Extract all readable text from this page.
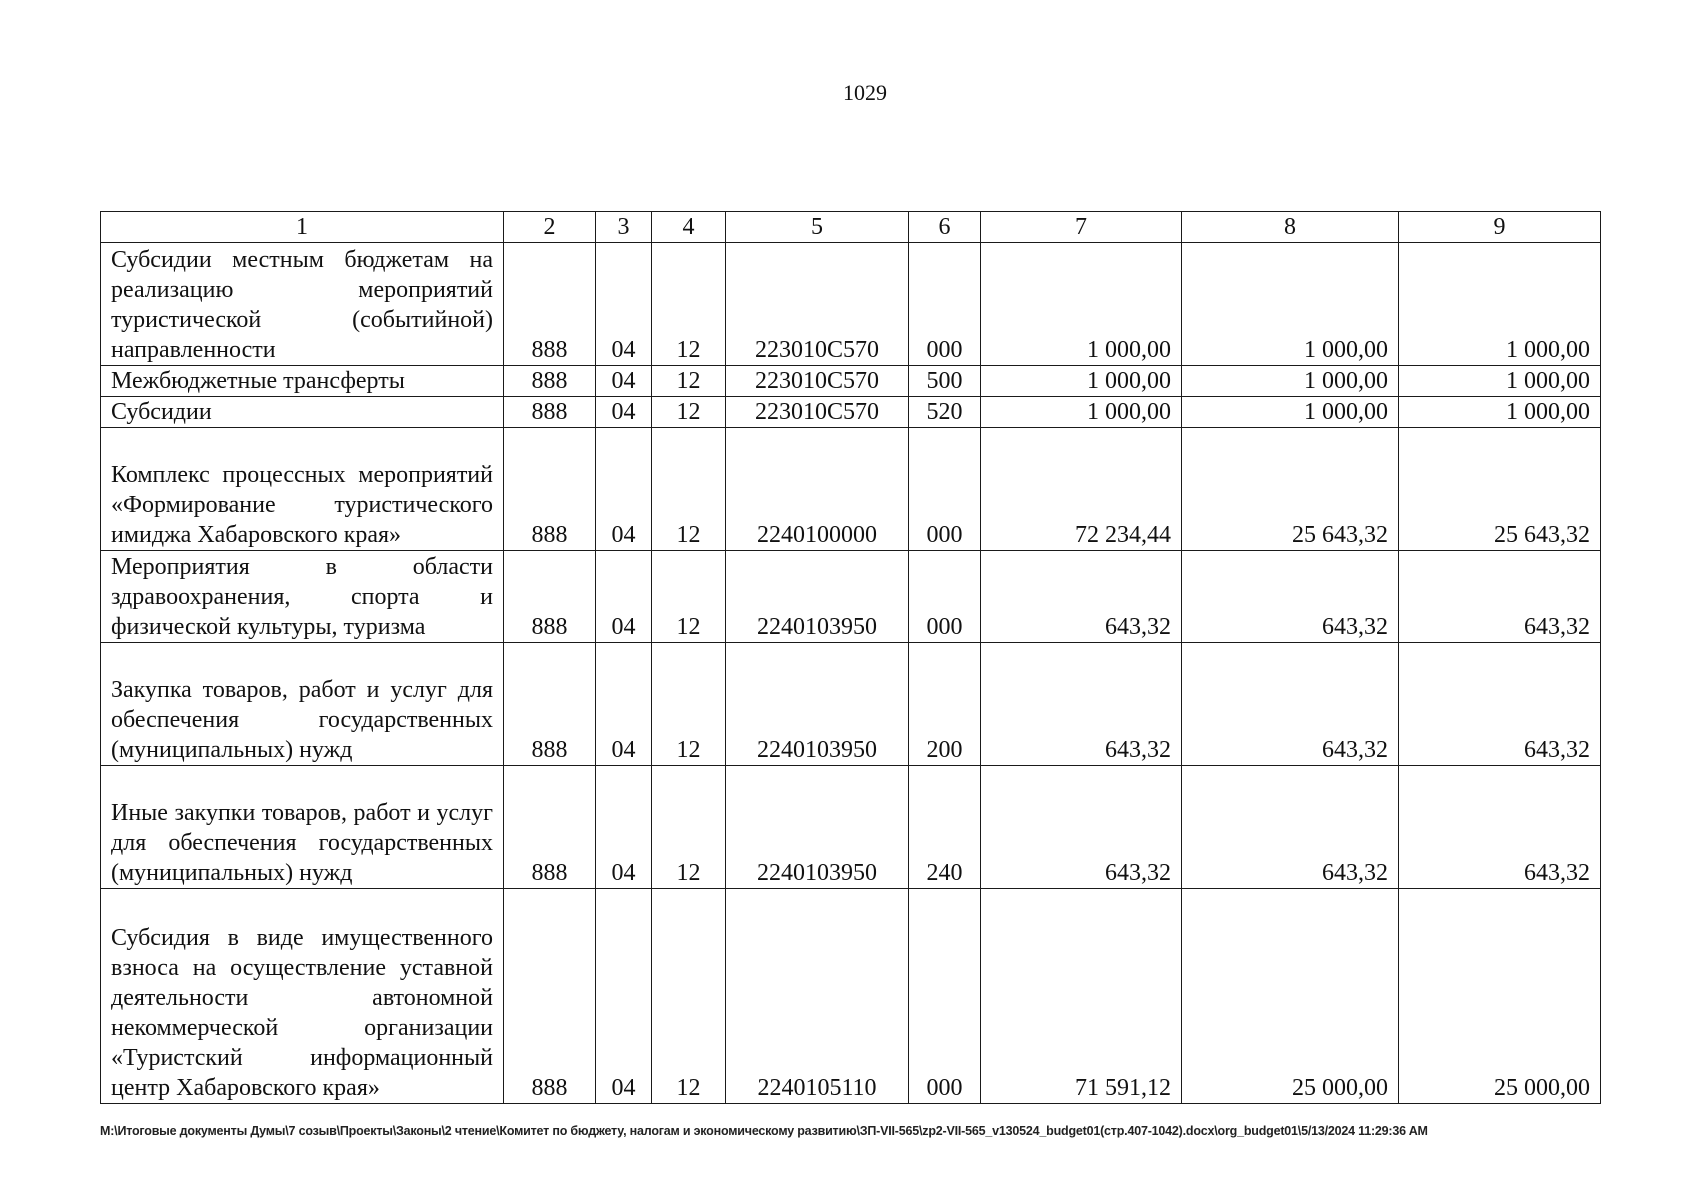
1029
1	2	3	4	5	6	7	8	9
Субсидии местным бюджетам на реализацию мероприятий туристической (событийной) направленности	888	04	12	223010С570	000	1 000,00	1 000,00	1 000,00
Межбюджетные трансферты	888	04	12	223010С570	500	1 000,00	1 000,00	1 000,00
Субсидии	888	04	12	223010С570	520	1 000,00	1 000,00	1 000,00
Комплекс процессных мероприятий «Формирование туристического имиджа Хабаровского края»	888	04	12	2240100000	000	72 234,44	25 643,32	25 643,32
Мероприятия в области здравоохранения, спорта и физической культуры, туризма	888	04	12	2240103950	000	643,32	643,32	643,32
Закупка товаров, работ и услуг для обеспечения государственных (муниципальных) нужд	888	04	12	2240103950	200	643,32	643,32	643,32
Иные закупки товаров, работ и услуг для обеспечения государственных (муниципальных) нужд	888	04	12	2240103950	240	643,32	643,32	643,32
Субсидия в виде имущественного взноса на осуществление уставной деятельности автономной некоммерческой организации «Туристский информационный центр Хабаровского края»	888	04	12	2240105110	000	71 591,12	25 000,00	25 000,00
M:\Итоговые документы Думы\7 созыв\Проекты\Законы\2 чтение\Комитет по бюджету, налогам и экономическому развитию\ЗП-VII-565\zp2-VII-565_v130524_budget01(стр.407-1042).docx\org_budget01\5/13/2024 11:29:36 AM
